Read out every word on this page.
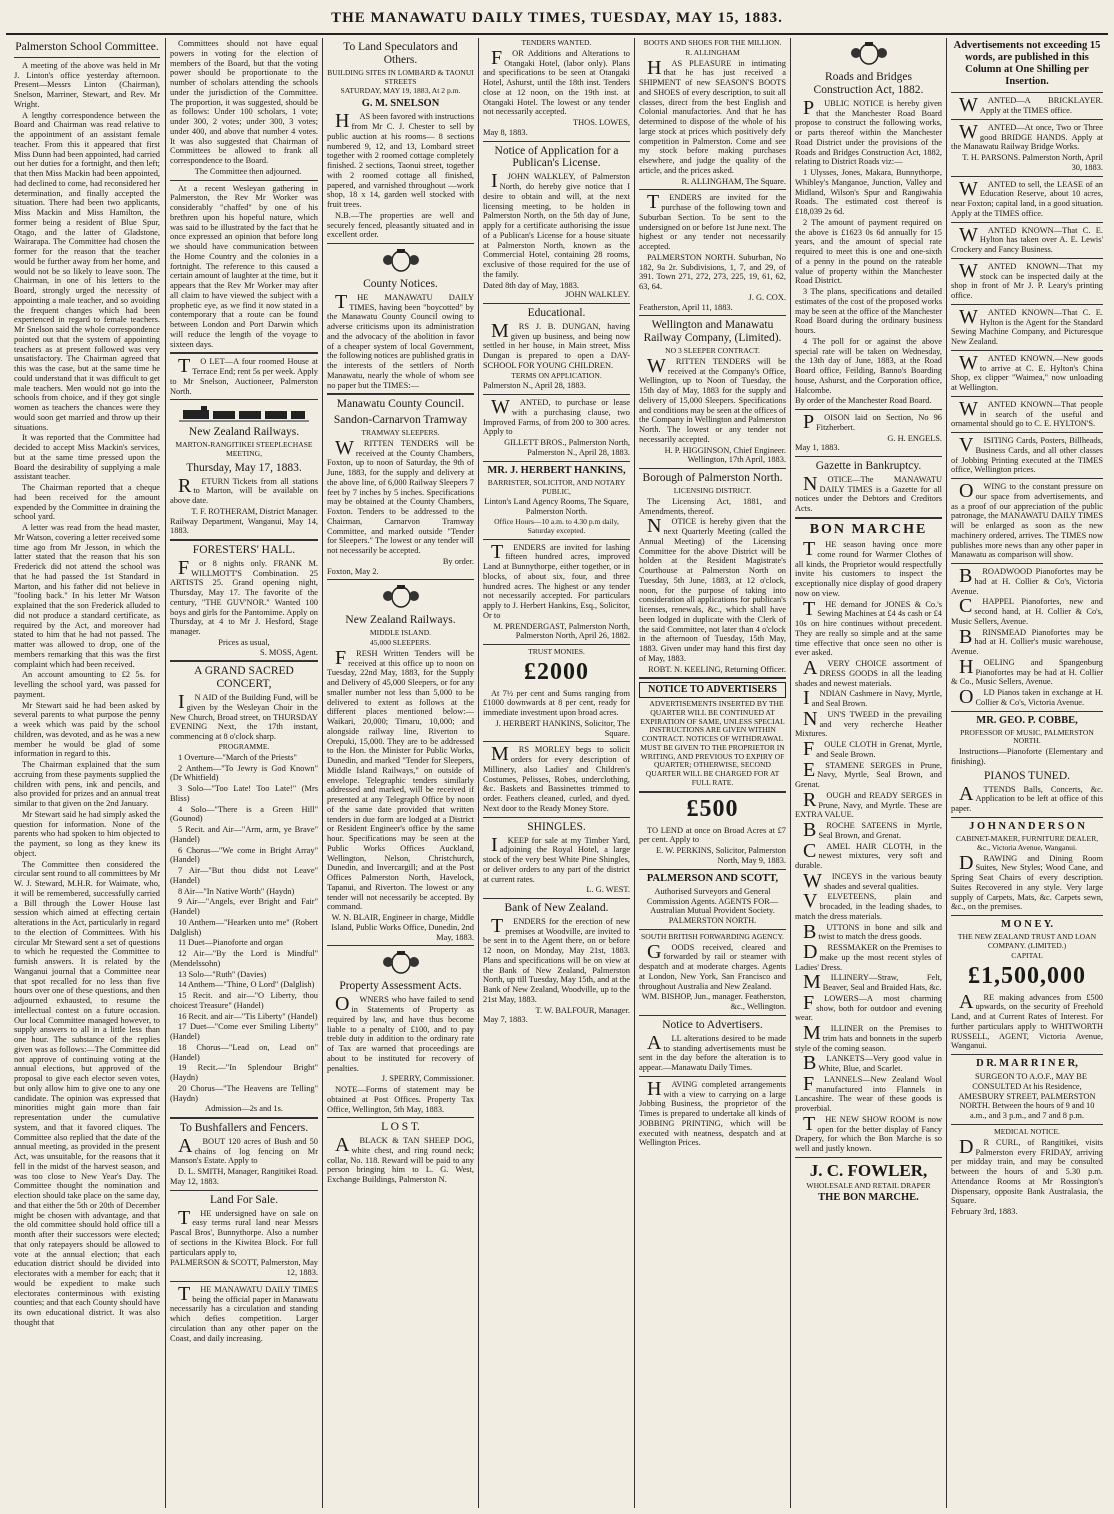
THE MANAWATU DAILY TIMES, TUESDAY, MAY 15, 1883.
Palmerston School Committee.

A meeting of the above was held in Mr J. Linton's office yesterday afternoon. Present—Messrs Linton (Chairman), Snelson, Marriner, Stewart, and Rev. Mr Wright.

A lengthy correspondence between the Board and Chairman was read relative to the appointment of an assistant female teacher. From this it appeared that first Miss Dunn had been appointed, had carried out her duties for a fortnight, and then left; that then Miss Mackin had been appointed, had declined to come, had reconsidered her determination, and finally accepted the situation. There had been two applicants, Miss Mackin and Miss Hamilton, the former being a resident of Blue Spur, Otago, and the latter of Gladstone, Wairarapa. The Committee had chosen the former for the reason that the teacher would be further away from her home, and would not be so likely to leave soon. The Chairman, in one of his letters to the Board, strongly urged the necessity of appointing a male teacher, and so avoiding the frequent changes which had been experienced in regard to female teachers. Mr Snelson said the whole correspondence pointed out that the system of appointing teachers as at present followed was very unsatisfactory. The Chairman agreed that this was the case, but at the same time he could understand that it was difficult to get male teachers. Men would not go into the schools from choice, and if they got single women as teachers the chances were they would soon get married and throw up their situations.

It was reported that the Committee had decided to accept Miss Mackin's services, but at the same time pressed upon the Board the desirability of supplying a male assistant teacher.

The Chairman reported that a cheque had been received for the amount expended by the Committee in draining the school yard.

A letter was read from the head master, Mr Watson, covering a letter received some time ago from Mr Jesson, in which the latter stated that the reason that his son Frederick did not attend the school was that he had passed the 1st Standard in Marton, and his father did not believe in "fooling back." In his letter Mr Watson explained that the son Frederick alluded to did not produce a standard certificate, as required by the Act, and moreover had stated to him that he had not passed. The matter was allowed to drop, one of the members remarking that this was the first complaint which had been received.

An account amounting to £2 5s. for levelling the school yard, was passed for payment.

Mr Stewart said he had been asked by several parents to what purpose the penny a week which was paid by the school children, was devoted, and as he was a new member he would be glad of some information in regard to this.

The Chairman explained that the sum accruing from these payments supplied the children with pens, ink and pencils, and also provided for prizes and an annual treat similar to that given on the 2nd January.

Mr Stewart said he had simply asked the question for information. None of the parents who had spoken to him objected to the payment, so long as they knew its object.

The Committee then considered the circular sent round to all committees by Mr W. J. Steward, M.H.R. for Waimate, who, it will be remembered, successfully carried a Bill through the Lower House last session which aimed at effecting certain alterations in the Act, particularly in regard to the election of Committees. With his circular Mr Steward sent a set of questions to which he requested the Committee to furnish answers. It is related by the Wanganui journal that a Committee near that spot recalled for no less than five hours over one of these questions, and then adjourned exhausted, to resume the intellectual contest on a future occasion. Our local Committee managed however, to supply answers to all in a little less than one hour. The substance of the replies given was as follows:—The Committee did not approve of continuing voting at the annual elections, but approved of the proposal to give each elector seven votes, but only allow him to give one to any one candidate. The opinion was expressed that minorities might gain more than fair representation under the cumulative system, and that it favored cliques. The Committee also replied that the date of the annual meeting, as provided in the present Act, was unsuitable, for the reasons that it fell in the midst of the harvest season, and was too close to New Year's Day. The Committee thought the nomination and election should take place on the same day, and that either the 5th or 20th of December might be chosen with advantage, and that the old committee should hold office till a month after their successors were elected; that only ratepayers should be allowed to vote at the annual election; that each education district should be divided into electorates with a member for each; that it would be expedient to make such electorates conterminous with existing counties; and that each County should have its own educational district. It was also thought that

Committees should not have equal powers in voting for the election of members of the Board, but that the voting power should be proportionate to the number of scholars attending the schools under the jurisdiction of the Committee. The proportion, it was suggested, should be as follows: Under 100 scholars, 1 vote; under 300, 2 votes; under 300, 3 votes; under 400, and above that number 4 votes. It was also suggested that Chairman of Committees be allowed to frank all correspondence to the Board.

The Committee then adjourned.

At a recent Wesleyan gathering in Palmerston, the Rev Mr Worker was considerably "chaffed" by one of his brethren upon his hopeful nature, which was said to be illustrated by the fact that he once expressed an opinion that before long we should have communication between the Home Country and the colonies in a fortnight. The reference to this caused a certain amount of laughter at the time, but it appears that the Rev Mr Worker may after all claim to have viewed the subject with a prophetic eye, as we find it now stated in a contemporary that a route can be found between London and Port Darwin which will reduce the length of the voyage to sixteen days.

TO LET—A four roomed House at Terrace End; rent 5s per week. Apply to Mr Snelson, Auctioneer, Palmerston North.

New Zealand Railways.
MARTON-RANGITIKEI STEEPLECHASE MEETING,
Thursday, May 17, 1883.

RETURN Tickets from all stations to Marton, will be available on above date.

T. F. ROTHERAM, District Manager.
Railway Department, Wanganui, May 14, 1883.
FORESTERS' HALL.

For 8 nights only. FRANK M. WILLMOTT'S Combination. 25 ARTISTS 25. Grand opening night, Thursday, May 17. The favorite of the century, "THE GUV'NOR." Wanted 100 boys and girls for the Pantomime. Apply on Thursday, at 4 to Mr J. Hesford, Stage manager.

Prices as usual,
S. MOSS, Agent.
A GRAND SACRED CONCERT,

IN AID of the Building Fund, will be given by the Wesleyan Choir in the New Church, Broad street, on THURSDAY EVENING Next, the 17th instant, commencing at 8 o'clock sharp.

PROGRAMME.

1 Overture—"March of the Priests"

2 Anthem—"To Jewry is God Known" (Dr Whitfield)

3 Solo—"Too Late! Too Late!" (Mrs Bliss)

4 Solo—"There is a Green Hill" (Gounod)

5 Recit. and Air—"Arm, arm, ye Brave" (Handel)

6 Chorus—"We come in Bright Array" (Handel)

7 Air—"But thou didst not Leave" (Handel)

8 Air—"In Native Worth" (Haydn)

9 Air—"Angels, ever Bright and Fair" (Handel)

10 Anthem—"Hearken unto me" (Robert Dalglish)

11 Duet—Pianoforte and organ

12 Air—"By the Lord is Mindful" (Mendelssohn)

13 Solo—"Ruth" (Davies)

14 Anthem—"Thine, O Lord" (Dalglish)

15 Recit. and air—"O Liberty, thou choicest Treasure" (Handel)

16 Recit. and air—"Tis Liberty" (Handel)

17 Duet—"Come ever Smiling Liberty" (Handel)

18 Chorus—"Lead on, Lead on" (Handel)

19 Recit.—"In Splendour Bright" (Haydn)

20 Chorus—"The Heavens are Telling" (Haydn)

Admission—2s and 1s.
To Bushfallers and Fencers.

ABOUT 120 acres of Bush and 50 chains of log fencing on Mr Manson's Estate. Apply to

D. L. SMITH, Manager, Rangitikei Road.
May 12, 1883.
Land For Sale.

THE undersigned have on sale on easy terms rural land near Messrs Pascal Bros', Bunnythorpe. Also a number of sections in the Kiwitea Block. For full particulars apply to,

PALMERSON & SCOTT, Palmerston, May 12, 1883.

THE MANAWATU DAILY TIMES being the official paper in Manawatu necessarily has a circulation and standing which defies competition. Larger circulation than any other paper on the Coast, and daily increasing.

To Land Speculators and Others.
BUILDING SITES IN LOMBARD & TAONUI STREETS
SATURDAY, MAY 19, 1883, At 2 p.m.
G. M. SNELSON

HAS been favored with instructions from Mr C. J. Chester to sell by public auction at his rooms— 8 sections numbered 9, 12, and 13, Lombard street together with 2 roomed cottage completely finished. 2 sections, Taonui street, together with 2 roomed cottage all finished, papered, and varnished throughout —work shop, 18 x 14, garden well stocked with fruit trees.

N.B.—The properties are well and securely fenced, pleasantly situated and in excellent order.

County Notices.

THE MANAWATU DAILY TIMES, having been "boycotted" by the Manawatu County Council owing to adverse criticisms upon its administration and the advocacy of the abolition in favor of a cheaper system of local Government, the following notices are published gratis in the interests of the settlers of North Manawatu, nearly the whole of whom see no paper but the TIMES:—

Manawatu County Council.
Sandon-Carnarvon Tramway
TRAMWAY SLEEPERS.

WRITTEN TENDERS will be received at the County Chambers, Foxton, up to noon of Saturday, the 9th of June, 1883, for the supply and delivery at the above line, of 6,000 Railway Sleepers 7 feet by 7 inches by 5 inches. Specifications may be obtained at the County Chambers, Foxton. Tenders to be addressed to the Chairman, Carnarvon Tramway Committee, and marked outside "Tender for Sleepers." The lowest or any tender will not necessarily be accepted.

By order.
Foxton, May 2.
New Zealand Railways.
MIDDLE ISLAND.
45,000 SLEEPERS.

FRESH Written Tenders will be received at this office up to noon on Tuesday, 22nd May, 1883, for the Supply and Delivery of 45,000 Sleepers, or for any smaller number not less than 5,000 to be delivered to extent as follows at the different places mentioned below:—Waikari, 20,000; Timaru, 10,000; and alongside railway line, Riverton to Orepuki, 15,000. They are to be addressed to the Hon. the Minister for Public Works, Dunedin, and marked "Tender for Sleepers, Middle Island Railways," on outside of envelope. Telegraphic tenders similarly addressed and marked, will be received if presented at any Telegraph Office by noon of the same date provided that written tenders in due form are lodged at a District or Resident Engineer's office by the same hour. Specifications may be seen at the Public Works Offices Auckland, Wellington, Nelson, Christchurch, Dunedin, and Invercargill; and at the Post Offices Palmerston North, Havelock, Tapanui, and Riverton. The lowest or any tender will not necessarily be accepted. By command.

W. N. BLAIR, Engineer in charge, Middle Island, Public Works Office, Dunedin, 2nd May, 1883.
Property Assessment Acts.

OWNERS who have failed to send in Statements of Property as required by law, and have thus become liable to a penalty of £100, and to pay treble duty in addition to the ordinary rate of Tax are warned that proceedings are about to be instituted for recovery of penalties.

J. SPERRY, Commissioner.

NOTE—Forms of statement may be obtained at Post Offices. Property Tax Office, Wellington, 5th May, 1883.

L O S T.

ABLACK & TAN SHEEP DOG, white chest, and ring round neck; collar, No. 118. Reward will be paid to any person bringing him to L. G. West, Exchange Buildings, Palmerston N.

TENDERS WANTED.

FOR Additions and Alterations to Otangaki Hotel, (labor only). Plans and specifications to be seen at Otangaki Hotel, Ashurst, until the 18th inst. Tenders close at 12 noon, on the 19th inst. at Otangaki Hotel. The lowest or any tender not necessarily accepted.

THOS. LOWES,
May 8, 1883.
Notice of Application for a Publican's License.

IJOHN WALKLEY, of Palmerston North, do hereby give notice that I desire to obtain and will, at the next licensing meeting, to be holden in Palmerston North, on the 5th day of June, apply for a certificate authorising the issue of a Publican's License for a house situate at Palmerston North, known as the Commercial Hotel, containing 28 rooms, exclusive of those required for the use of the family.

Dated 8th day of May, 1883.
JOHN WALKLEY.
Educational.

MRS J. B. DUNGAN, having given up business, and being now settled in her house, in Main street, Miss Dungan is prepared to open a DAY-SCHOOL FOR YOUNG CHILDREN.

TERMS ON APPLICATION.
Palmerston N., April 28, 1883.

WANTED, to purchase or lease with a purchasing clause, two Improved Farms, of from 200 to 300 acres. Apply to

GILLETT BROS., Palmerston North, Palmerston N., April 28, 1883.
MR. J. HERBERT HANKINS,
BARRISTER, SOLICITOR, AND NOTARY PUBLIC,
Linton's Land Agency Rooms, The Square, Palmerston North.
Office Hours—10 a.m. to 4.30 p.m daily, Saturday excepted.

TENDERS are invited for lashing fifteen hundred acres, improved Land at Bunnythorpe, either together, or in blocks, of about six, four, and three hundred acres. The highest or any tender not necessarily accepted. For particulars apply to J. Herbert Hankins, Esq., Solicitor, Or to

M. PRENDERGAST, Palmerston North, Palmerston North, April 26, 1882.
TRUST MONIES.
£2000

At 7½ per cent and Sums ranging from £1000 downwards at 8 per cent, ready for immediate investment upon broad acres.

J. HERBERT HANKINS, Solicitor, The Square.

MRS MORLEY begs to solicit orders for every description of Millinery, also Ladies' and Children's Costumes, Pelisses, Robes, underclothing, &c. Baskets and Bassinettes trimmed to order. Feathers cleaned, curled, and dyed. Next door to the Ready Money Store.

SHINGLES.

IKEEP for sale at my Timber Yard, adjoining the Royal Hotel, a large stock of the very best White Pine Shingles, or deliver orders to any part of the district at current rates.

L. G. WEST.
Bank of New Zealand.

TENDERS for the erection of new premises at Woodville, are invited to be sent in to the Agent there, on or before 12 noon, on Monday, May 21st, 1883. Plans and specifications will be on view at the Bank of New Zealand, Palmerston North, up till Tuesday, May 15th, and at the Bank of New Zealand, Woodville, up to the 21st May, 1883.

T. W. BALFOUR, Manager.
May 7, 1883.
BOOTS AND SHOES FOR THE MILLION.
R. ALLINGHAM

HAS PLEASURE in intimating that he has just received a SHIPMENT of new SEASON'S BOOTS and SHOES of every description, to suit all classes, direct from the best English and Colonial manufactories. And that he has determined to dispose of the whole of his large stock at prices which positively defy competition in Palmerston. Come and see my stock before making purchases elsewhere, and judge the quality of the article, and the prices asked.

R. ALLINGHAM, The Square.

TENDERS are invited for the purchase of the following town and Suburban Section. To be sent to the undersigned on or before 1st June next. The highest or any tender not necessarily accepted.

PALMERSTON NORTH. Suburban, No 182, 9a 2r. Subdivisions, 1, 7, and 29, of 391. Town 271, 272, 273, 225, 19, 61, 62, 63, 64.

J. G. COX.
Featherston, April 11, 1883.
Wellington and Manawatu Railway Company, (Limited).
NO 3 SLEEPER CONTRACT.

WRITTEN TENDERS will be received at the Company's Office, Wellington, up to Noon of Tuesday, the 15th day of May, 1883 for the supply and delivery of 15,000 Sleepers. Specifications and conditions may be seen at the offices of the Company in Wellington and Palmerston North. The lowest or any tender not necessarily accepted.

H. P. HIGGINSON, Chief Engineer. Wellington, 17th April, 1883.
Borough of Palmerston North.
LICENSING DISTRICT.

The Licensing Act, 1881, and Amendments, thereof.

NOTICE is hereby given that the next Quarterly Meeting (called the Annual Meeting) of the Licensing Committee for the above District will be holden at the Resident Magistrate's Courthouse at Palmerston North on Tuesday, 5th June, 1883, at 12 o'clock, noon, for the purpose of taking into consideration all applications for publican's licenses, renewals, &c., which shall have been lodged in duplicate with the Clerk of the said Committee, not later than 4 o'clock in the afternoon of Tuesday, 15th May, 1883. Given under may hand this first day of May, 1883.

ROBT. N. KEELING, Returning Officer.
NOTICE TO ADVERTISERS

ADVERTISEMENTS INSERTED BY THE QUARTER WILL BE CONTINUED AT EXPIRATION OF SAME, UNLESS SPECIAL INSTRUCTIONS ARE GIVEN WITHIN CONTRACT. NOTICES OF WITHDRAWAL MUST BE GIVEN TO THE PROPRIETOR IN WRITING, AND PREVIOUS TO EXPIRY OF QUARTER; OTHERWISE, SECOND QUARTER WILL BE CHARGED FOR AT FULL RATE.

£500

TO LEND at once on Broad Acres at £7 per cent. Apply to

E. W. PERKINS, Solicitor, Palmerston North, May 9, 1883.
PALMERSON AND SCOTT,
Authorised Surveyors and General Commission Agents. AGENTS FOR—Australian Mutual Provident Society. PALMERSTON NORTH.
SOUTH BRITISH FORWARDING AGENCY.

GOODS received, cleared and forwarded by rail or steamer with despatch and at moderate charges. Agents at London, New York, San Francisco and throughout Australia and New Zealand.

WM. BISHOP, Jun., manager. Featherston, &c., Wellington.
Notice to Advertisers.

ALL alterations desired to be made to standing advertisements must be sent in the day before the alteration is to appear.—Manawatu Daily Times.

HAVING completed arrangements with a view to carrying on a large Jobbing Business, the proprietor of the Times is prepared to undertake all kinds of JOBBING PRINTING, which will be executed with neatness, despatch and at Wellington Prices.

Roads and Bridges Construction Act, 1882.

PUBLIC NOTICE is hereby given that the Manchester Road Board propose to construct the following works, or parts thereof within the Manchester Road District under the provisions of the Roads and Bridges Construction Act, 1882, relating to District Roads viz:—

1 Ulysses, Jones, Makara, Bunnythorpe, Whibley's Manganoe, Junction, Valley and Midland, Wilson's Spur and Rangiwahia Roads. The estimated cost thereof is £18,039 2s 6d.

2 The amount of payment required on the above is £1623 0s 6d annually for 15 years, and the amount of special rate required to meet this is one and one-sixth of a penny in the pound on the rateable value of property within the Manchester Road District.

3 The plans, specifications and detailed estimates of the cost of the proposed works may be seen at the office of the Manchester Road Board during the ordinary business hours.

4 The poll for or against the above special rate will be taken on Wednesday, the 13th day of June, 1883, at the Road Board office, Feilding, Banno's Boarding house, Ashurst, and the Corporation office, Halcombe.

By order of the Manchester Road Board.

POISON laid on Section, No 96 Fitzherbert.

G. H. ENGELS.
May 1, 1883.
Gazette in Bankruptcy.

NOTICE—The MANAWATU DAILY TIMES is a Gazette for all notices under the Debtors and Creditors Acts.

BON MARCHE

THE season having once more come round for Warmer Clothes of all kinds, the Proprietor would respectfully invite his customers to inspect the exceptionally nice display of good drapery now on view.

THE demand for JONES & Co.'s Sewing Machines at £4 4s cash or £4 10s on hire continues without precedent. They are really so simple and at the same time effective that once seen no other is ever asked.

AVERY CHOICE assortment of DRESS GOODS in all the leading shades and newest materials.

INDIAN Cashmere in Navy, Myrtle, and Seal Brown.

NUN'S TWEED in the prevailing and very recherche Heather Mixtures.

FOULE CLOTH in Grenat, Myrtle, and Seale Brown.

ESTAMENE SERGES in Prune, Navy, Myrtle, Seal Brown, and Grenat.

ROUGH and READY SERGES in Prune, Navy, and Myrtle. These are EXTRA VALUE.

BROCHE SATEENS in Myrtle, Seal Brown, and Grenat.

CAMEL HAIR CLOTH, in the newest mixtures, very soft and durable.

WINCEYS in the various beauty shades and several qualities.

VELVETEENS, plain and brocaded, in the leading shades, to match the dress materials.

BUTTONS in bone and silk and twist to match the dress goods.

DRESSMAKER on the Premises to make up the most recent styles of Ladies' Dress.

MILLINERY—Straw, Felt, Beaver, Seal and Braided Hats, &c.

FLOWERS—A most charming show, both for outdoor and evening wear.

MILLINER on the Premises to trim hats and bonnets in the superb style of the coming season.

BLANKETS—Very good value in White, Blue, and Scarlet.

FLANNELS—New Zealand Wool manufactured into Flannels in Lancashire. The wear of these goods is proverbial.

THE NEW SHOW ROOM is now open for the better display of Fancy Drapery, for which the Bon Marche is so well and justly known.

J. C. FOWLER,
WHOLESALE AND RETAIL DRAPER
THE BON MARCHE.
Advertisements not exceeding 15 words, are published in this Column at One Shilling per Insertion.

WANTED—A BRICKLAYER. Apply at the TIMES office.

WANTED—At once, Two or Three good BRIDGE HANDS. Apply at the Manawatu Railway Bridge Works.

T. H. PARSONS. Palmerston North, April 30, 1883.

WANTED to sell, the LEASE of an Education Reserve, about 10 acres, near Foxton; capital land, in a good situation. Apply at the TIMES office.

WANTED KNOWN—That C. E. Hylton has taken over A. E. Lewis' Crockery and Fancy Business.

WANTED KNOWN—That my stock can be inspected daily at the shop in front of Mr J. P. Leary's printing office.

WANTED KNOWN—That C. E. Hylton is the Agent for the Standard Sewing Machine Company, and Picturesque New Zealand.

WANTED KNOWN.—New goods to arrive at C. E. Hylton's China Shop, ex clipper "Waimea," now unloading at Wellington.

WANTED KNOWN—That people in search of the useful and ornamental should go to C. E. HYLTON'S.

VISITING Cards, Posters, Billheads, Business Cards, and all other classes of Jobbing Printing executed at the TIMES office, Wellington prices.

OWING to the constant pressure on our space from advertisements, and as a proof of our appreciation of the public patronage, the MANAWATU DAILY TIMES will be enlarged as soon as the new machinery ordered, arrives. The TIMES now publishes more news than any other paper in Manawatu as comparison will show.

BROADWOOD Pianofortes may be had at H. Collier & Co's, Victoria Avenue.

CHAPPEL Pianofortes, new and second hand, at H. Collier & Co's, Music Sellers, Avenue.

BRINSMEAD Pianofortes may be had at H. Collier's music warehouse, Avenue.

HOELING and Spangenburg Pianofortes may be had at H. Collier & Co., Music Sellers, Avenue.

OLD Pianos taken in exchange at H. Collier & Co's, Victoria Avenue.

MR. GEO. P. COBBE,
PROFESSOR OF MUSIC, PALMERSTON NORTH.

Instructions—Pianoforte (Elementary and finishing).

PIANOS TUNED.

ATTENDS Balls, Concerts, &c. Application to be left at office of this paper.

J O H N A N D E R S O N
CABINET-MAKER, FURNITURE DEALER, &c., Victoria Avenue, Wanganui.

DRAWING and Dining Room Suites, New Styles; Wood Cane, and Spring Seat Chairs of every description. Suites Recovered in any style. Very large supply of Carpets, Mats, &c. Carpets sewn, &c., on the premises.

M O N E Y.
THE NEW ZEALAND TRUST AND LOAN COMPANY. (LIMITED.)
CAPITAL
£1,500,000

ARE making advances from £500 upwards, on the security of Freehold Land, and at Current Rates of Interest. For further particulars apply to WHITWORTH RUSSELL, AGENT, Victoria Avenue, Wanganui.

D R. M A R R I N E R,

SURGEON TO A.O.F., MAY BE CONSULTED At his Residence, AMESBURY STREET, PALMERSTON NORTH. Between the hours of 9 and 10 a.m., and 3 p.m., and 7 and 8 p.m.

MEDICAL NOTICE.

DR CURL, of Rangitikei, visits Palmerston every FRIDAY, arriving per midday train, and may be consulted between the hours of and 5.30 p.m. Attendance Rooms at Mr Rossington's Dispensary, opposite Bank Australasia, the Square.

February 3rd, 1883.
